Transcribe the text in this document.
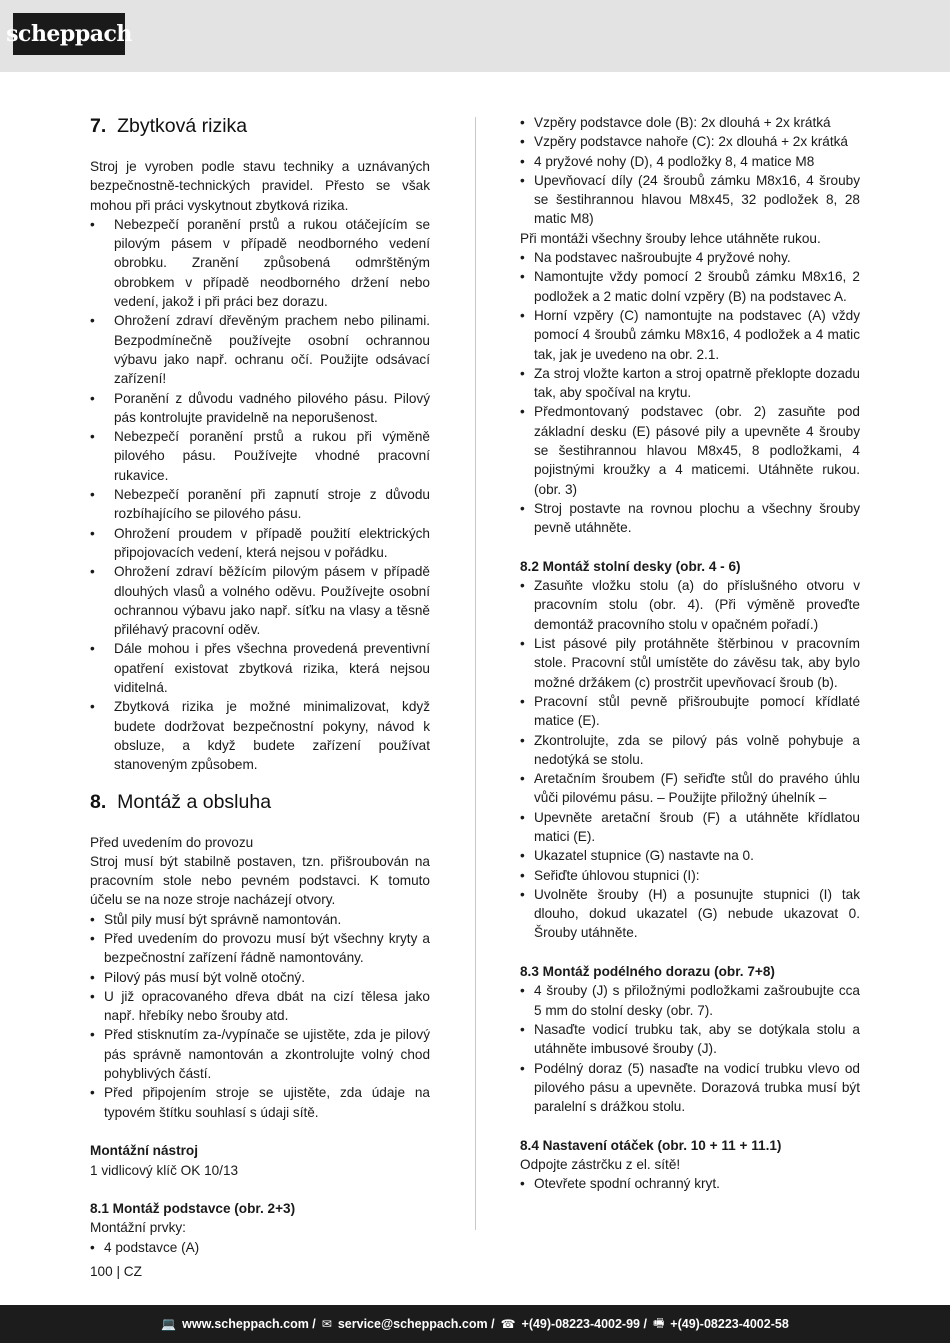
scheppach
7. Zbytková rizika

Stroj je vyroben podle stavu techniky a uznávaných bezpečnostně-technických pravidel. Přesto se však mohou při práci vyskytnout zbytková rizika.

• Nebezpečí poranění prstů a rukou otáčejícím se pilovým pásem v případě neodborného vedení obrobku. Zranění způsobená odmrštěným obrobkem v případě neodborného držení nebo vedení, jakož i při práci bez dorazu.
• Ohrožení zdraví dřevěným prachem nebo pilinami. Bezpodmínečně používejte osobní ochrannou výbavu jako např. ochranu očí. Použijte odsávací zařízení!
• Poranění z důvodu vadného pilového pásu. Pilový pás kontrolujte pravidelně na neporušenost.
• Nebezpečí poranění prstů a rukou při výměně pilového pásu. Používejte vhodné pracovní rukavice.
• Nebezpečí poranění při zapnutí stroje z důvodu rozbíhajícího se pilového pásu.
• Ohrožení proudem v případě použití elektrických připojovacích vedení, která nejsou v pořádku.
• Ohrožení zdraví běžícím pilovým pásem v případě dlouhých vlasů a volného oděvu. Používejte osobní ochrannou výbavu jako např. síťku na vlasy a těsně přiléhavý pracovní oděv.
• Dále mohou i přes všechna provedená preventivní opatření existovat zbytková rizika, která nejsou viditelná.
• Zbytková rizika je možné minimalizovat, když budete dodržovat bezpečnostní pokyny, návod k obsluze, a když budete zařízení používat stanoveným způsobem.
8. Montáž a obsluha

Před uvedením do provozu

Stroj musí být stabilně postaven, tzn. přišroubován na pracovním stole nebo pevném podstavci. K tomuto účelu se na noze stroje nacházejí otvory.

• Stůl pily musí být správně namontován.
• Před uvedením do provozu musí být všechny kryty a bezpečnostní zařízení řádně namontovány.
• Pilový pás musí být volně otočný.
• U již opracovaného dřeva dbát na cizí tělesa jako např. hřebíky nebo šrouby atd.
• Před stisknutím za-/vypínače se ujistěte, zda je pilový pás správně namontován a zkontrolujte volný chod pohyblivých částí.
• Před připojením stroje se ujistěte, zda údaje na typovém štítku souhlasí s údaji sítě.
Montážní nástroj

1 vidlicový klíč OK 10/13

8.1 Montáž podstavce (obr. 2+3)

Montážní prvky:

• 4 podstavce (A)
• Vzpěry podstavce dole (B): 2x dlouhá + 2x krátká
• Vzpěry podstavce nahoře (C): 2x dlouhá + 2x krátká
• 4 pryžové nohy (D), 4 podložky 8, 4 matice M8
• Upevňovací díly (24 šroubů zámku M8x16, 4 šrouby se šestihrannou hlavou M8x45, 32 podložek 8, 28 matic M8)

Při montáži všechny šrouby lehce utáhněte rukou.

• Na podstavec našroubujte 4 pryžové nohy.
• Namontujte vždy pomocí 2 šroubů zámku M8x16, 2 podložek a 2 matic dolní vzpěry (B) na podstavec A.
• Horní vzpěry (C) namontujte na podstavec (A) vždy pomocí 4 šroubů zámku M8x16, 4 podložek a 4 matic tak, jak je uvedeno na obr. 2.1.
• Za stroj vložte karton a stroj opatrně překlopte dozadu tak, aby spočíval na krytu.
• Předmontovaný podstavec (obr. 2) zasuňte pod základní desku (E) pásové pily a upevněte 4 šrouby se šestihrannou hlavou M8x45, 8 podložkami, 4 pojistnými kroužky a 4 maticemi. Utáhněte rukou. (obr. 3)
• Stroj postavte na rovnou plochu a všechny šrouby pevně utáhněte.
8.2 Montáž stolní desky (obr. 4 - 6)
• Zasuňte vložku stolu (a) do příslušného otvoru v pracovním stolu (obr. 4). (Při výměně proveďte demontáž pracovního stolu v opačném pořadí.)
• List pásové pily protáhněte štěrbinou v pracovním stole. Pracovní stůl umístěte do závěsu tak, aby bylo možné držákem (c) prostrčit upevňovací šroub (b).
• Pracovní stůl pevně přišroubujte pomocí křídlaté matice (E).
• Zkontrolujte, zda se pilový pás volně pohybuje a nedotýká se stolu.
• Aretačním šroubem (F) seřiďte stůl do pravého úhlu vůči pilovému pásu. – Použijte přiložný úhelník –
• Upevněte aretační šroub (F) a utáhněte křídlatou matici (E).
• Ukazatel stupnice (G) nastavte na 0.
• Seřiďte úhlovou stupnici (I):
• Uvolněte šrouby (H) a posunujte stupnici (I) tak dlouho, dokud ukazatel (G) nebude ukazovat 0. Šrouby utáhněte.
8.3 Montáž podélného dorazu (obr. 7+8)
• 4 šrouby (J) s přiložnými podložkami zašroubujte cca 5 mm do stolní desky (obr. 7).
• Nasaďte vodicí trubku tak, aby se dotýkala stolu a utáhněte imbusové šrouby (J).
• Podélný doraz (5) nasaďte na vodicí trubku vlevo od pilového pásu a upevněte. Dorazová trubka musí být paralelní s drážkou stolu.
8.4 Nastavení otáček (obr. 10 + 11 + 11.1)

Odpojte zástrčku z el. sítě!

• Otevřete spodní ochranný kryt.
100 | CZ
💻 www.scheppach.com / ✉ service@scheppach.com / ☎ +(49)-08223-4002-99 / 🖷 +(49)-08223-4002-58
